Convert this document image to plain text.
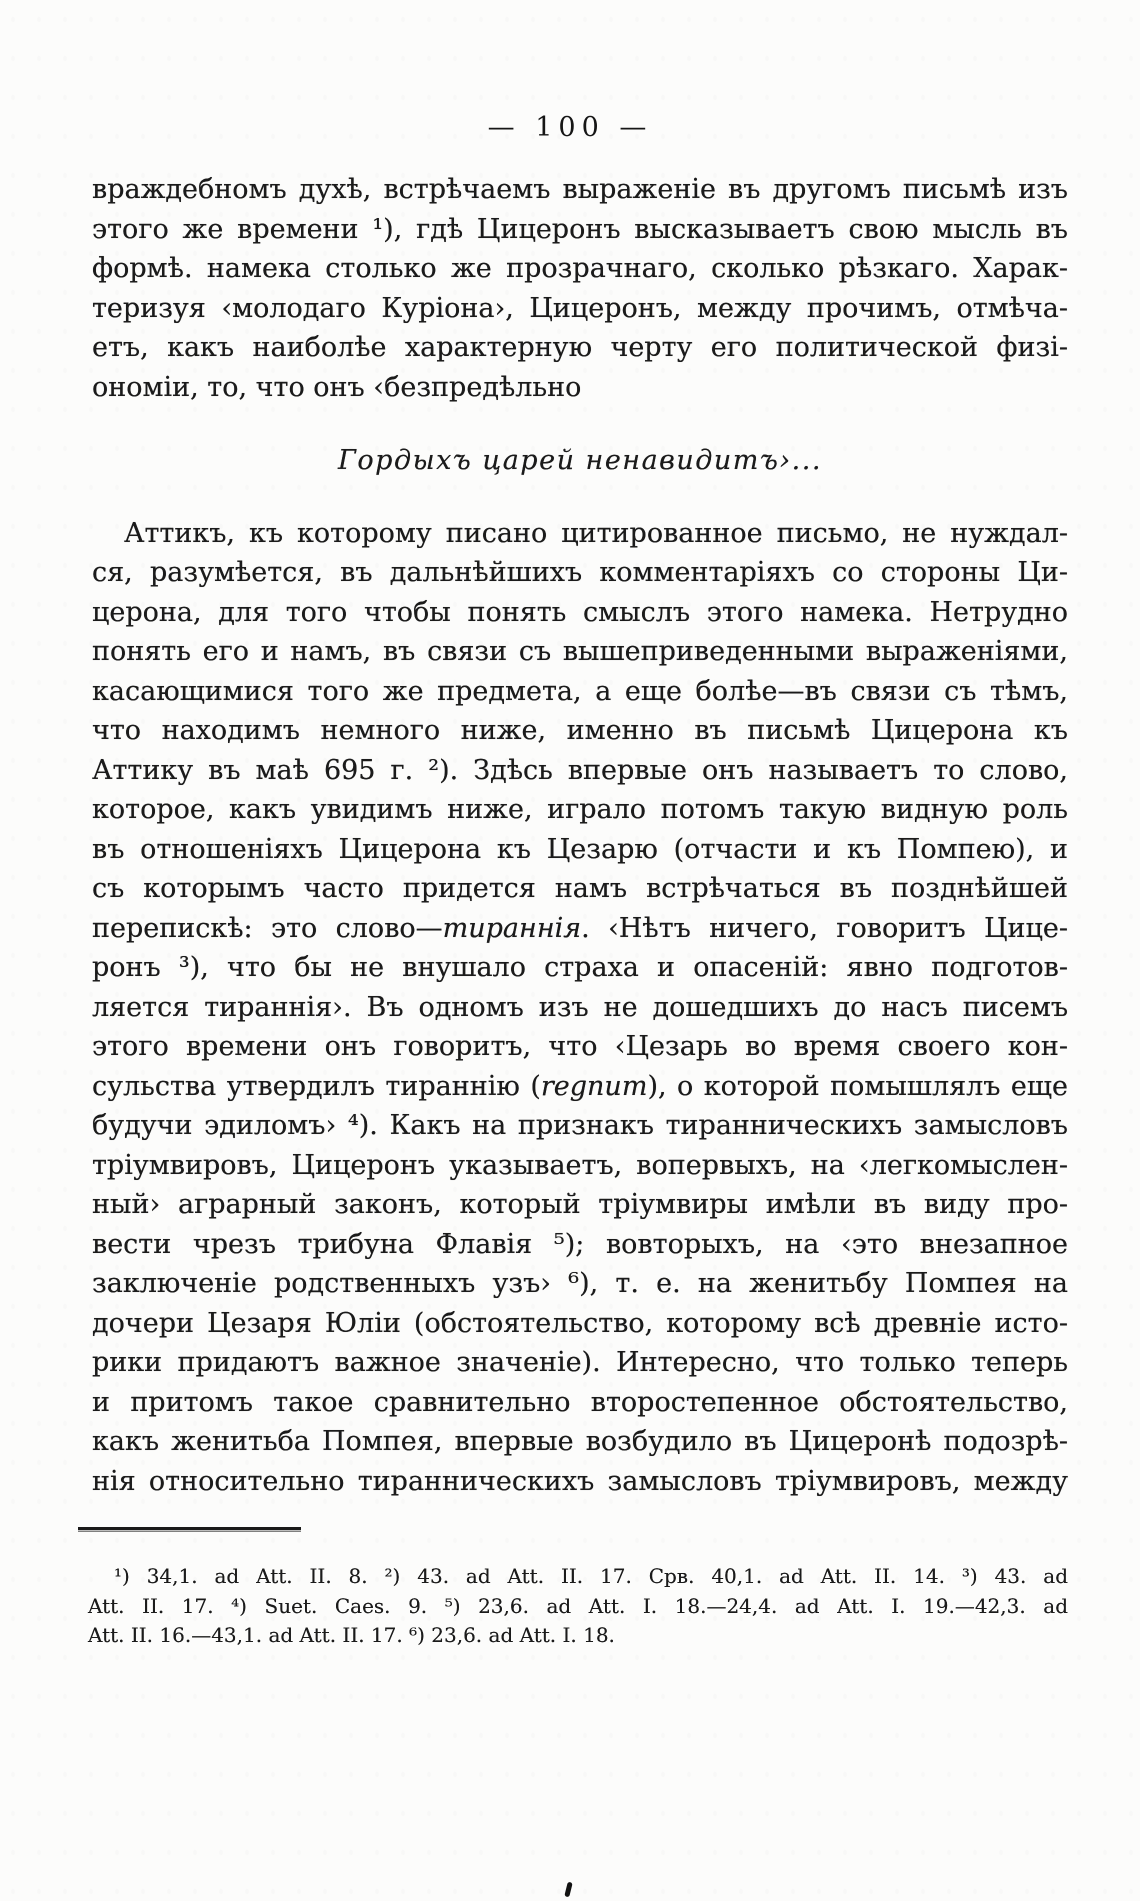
— 100 —
враждебномъ духѣ, встрѣчаемъ выраженіе въ другомъ письмѣ изъ
этого же времени ¹), гдѣ Цицеронъ высказываетъ свою мысль въ
формѣ. намека столько же прозрачнаго, сколько рѣзкаго. Харак-
теризуя ‹молодаго Куріона›, Цицеронъ, между прочимъ, отмѣча-
етъ, какъ наиболѣе характерную черту его политической физі-
ономіи, то, что онъ ‹безпредѣльно
Гордыхъ царей ненавидитъ›...
Аттикъ, къ которому писано цитированное письмо, не нуждал-
ся, разумѣется, въ дальнѣйшихъ комментаріяхъ со стороны Ци-
церона, для того чтобы понять смыслъ этого намека. Нетрудно
понять его и намъ, въ связи съ вышеприведенными выраженіями,
касающимися того же предмета, а еще болѣе—въ связи съ тѣмъ,
что находимъ немного ниже, именно въ письмѣ Цицерона къ
Аттику въ маѣ 695 г. ²). Здѣсь впервые онъ называетъ то слово,
которое, какъ увидимъ ниже, играло потомъ такую видную роль
въ отношеніяхъ Цицерона къ Цезарю (отчасти и къ Помпею), и
съ которымъ часто придется намъ встрѣчаться въ позднѣйшей
перепискѣ: это слово—тираннія. ‹Нѣтъ ничего, говоритъ Цице-
ронъ ³), что бы не внушало страха и опасеній: явно подготов-
ляется тираннія›. Въ одномъ изъ не дошедшихъ до насъ писемъ
этого времени онъ говоритъ, что ‹Цезарь во время своего кон-
сульства утвердилъ тираннію (regnum), о которой помышлялъ еще
будучи эдиломъ› ⁴). Какъ на признакъ тиранническихъ замысловъ
тріумвировъ, Цицеронъ указываетъ, вопервыхъ, на ‹легкомыслен-
ный› аграрный законъ, который тріумвиры имѣли въ виду про-
вести чрезъ трибуна Флавія ⁵); вовторыхъ, на ‹это внезапное
заключеніе родственныхъ узъ› ⁶), т. е. на женитьбу Помпея на
дочери Цезаря Юліи (обстоятельство, которому всѣ древніе исто-
рики придаютъ важное значеніе). Интересно, что только теперь
и притомъ такое сравнительно второстепенное обстоятельство,
какъ женитьба Помпея, впервые возбудило въ Цицеронѣ подозрѣ-
нія относительно тиранническихъ замысловъ тріумвировъ, между
¹) 34,1. ad Att. II. 8. ²) 43. ad Att. II. 17. Срв. 40,1. ad Att. II. 14. ³) 43. ad
Att. II. 17. ⁴) Suet. Caes. 9. ⁵) 23,6. ad Att. I. 18.—24,4. ad Att. I. 19.—42,3. ad
Att. II. 16.—43,1. ad Att. II. 17. ⁶) 23,6. ad Att. I. 18.
